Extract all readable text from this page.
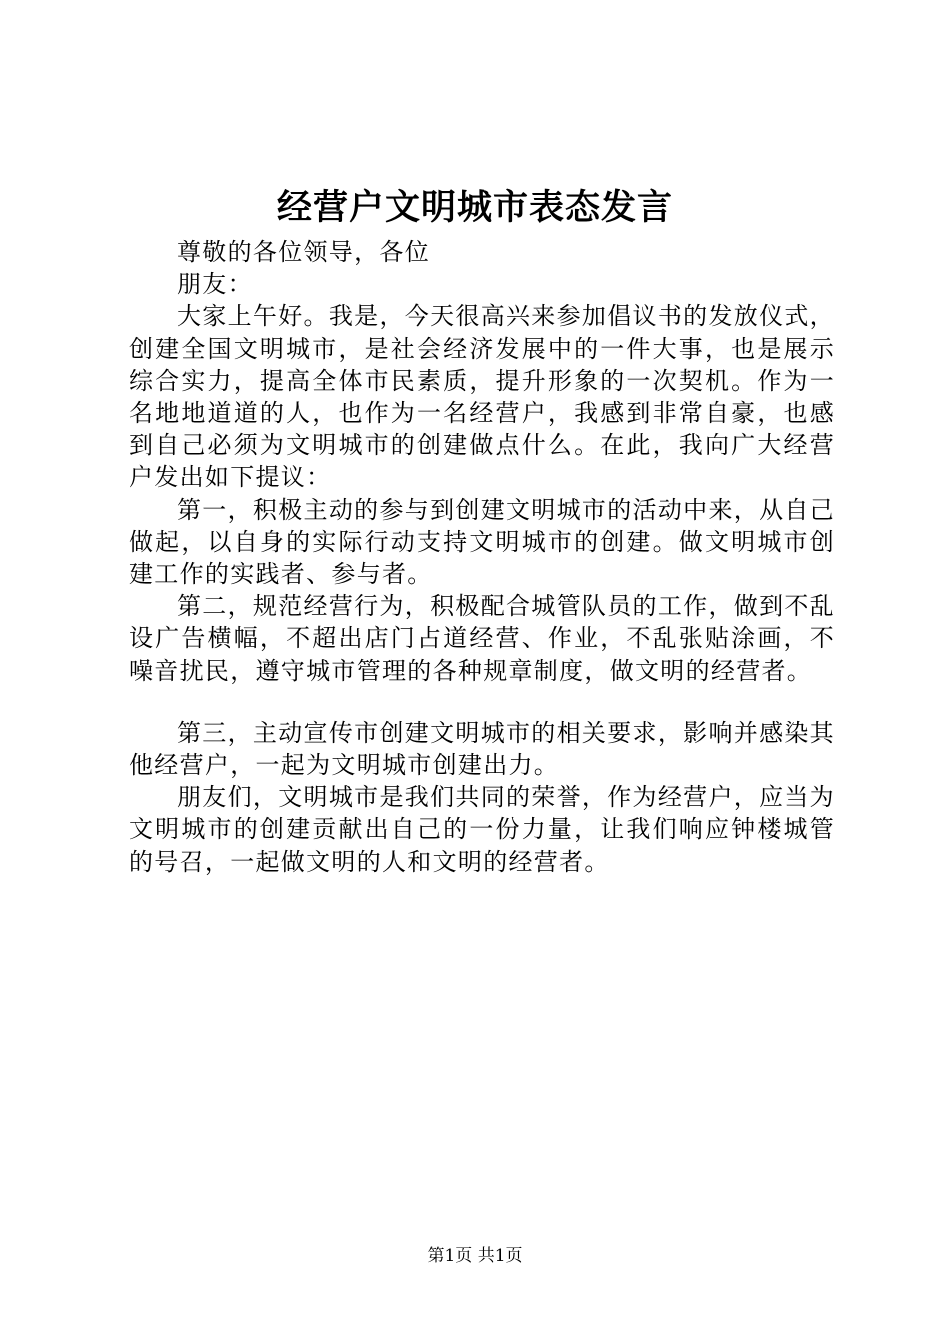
经营户文明城市表态发言

尊敬的各位领导，各位

朋友：

大家上午好。我是，今天很高兴来参加倡议书的发放仪式，创建全国文明城市，是社会经济发展中的一件大事，也是展示综合实力，提高全体市民素质，提升形象的一次契机。作为一名地地道道的人，也作为一名经营户，我感到非常自豪，也感到自己必须为文明城市的创建做点什么。在此，我向广大经营户发出如下提议：

第一，积极主动的参与到创建文明城市的活动中来，从自己做起，以自身的实际行动支持文明城市的创建。做文明城市创建工作的实践者、参与者。

第二，规范经营行为，积极配合城管队员的工作，做到不乱设广告横幅，不超出店门占道经营、作业，不乱张贴涂画，不噪音扰民，遵守城市管理的各种规章制度，做文明的经营者。

第三，主动宣传市创建文明城市的相关要求，影响并感染其他经营户，一起为文明城市创建出力。

朋友们，文明城市是我们共同的荣誉，作为经营户，应当为文明城市的创建贡献出自己的一份力量，让我们响应钟楼城管的号召，一起做文明的人和文明的经营者。

第1页 共1页
